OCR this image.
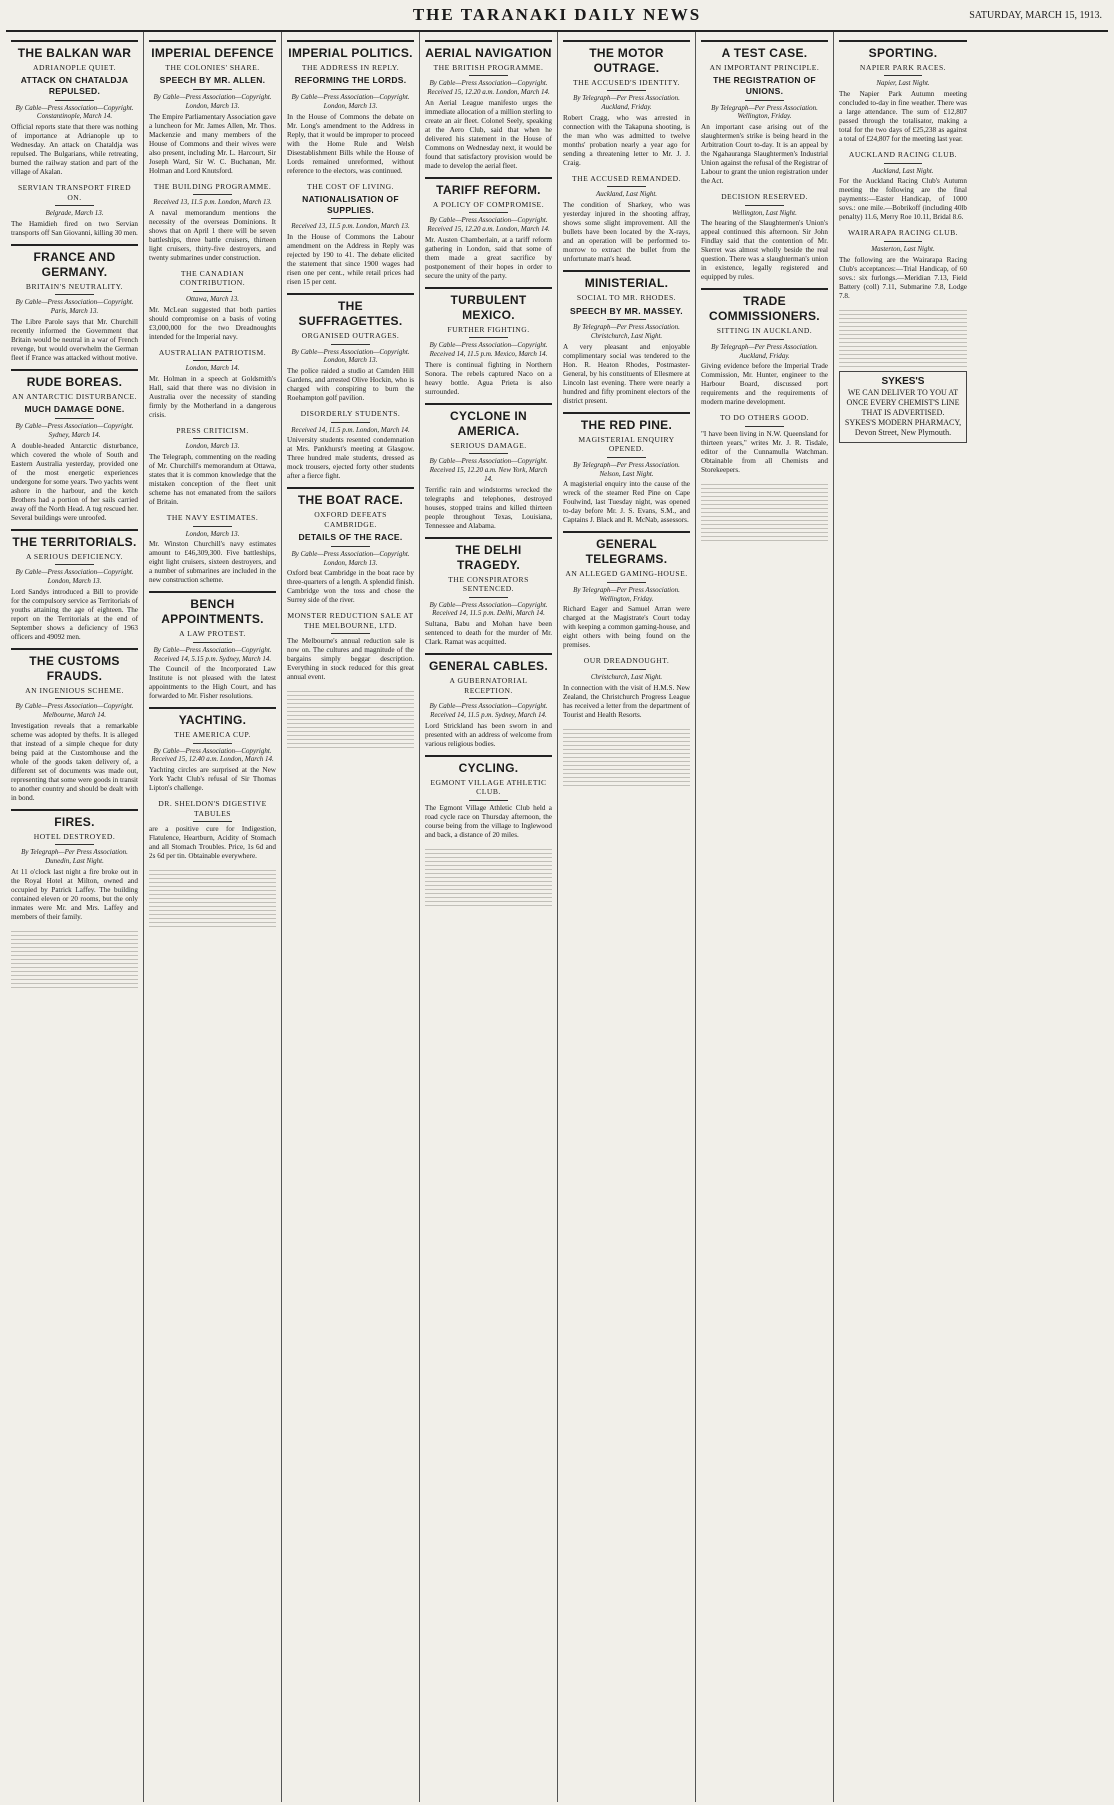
THE TARANAKI DAILY NEWS	SATURDAY, MARCH 15, 1913.
THE BALKAN WAR
ADRIANOPLE QUIET.
ATTACK ON CHATALDJA REPULSED.
By Cable—Press Association—Copyright. Constantinople, March 14.
Official reports state that there was nothing of importance at Adrianople up to Wednesday. An attack on Chataldja was repulsed. The Bulgarians, while retreating, burned the railway station and part of the village of Akalan.
SERVIAN TRANSPORT FIRED ON.
Belgrade, March 13.
The Hamidieh fired on two Servian transports off San Giovanni, killing 30 men.
FRANCE AND GERMANY.
BRITAIN'S NEUTRALITY.
By Cable—Press Association—Copyright. Paris, March 13.
The Libre Parole says that Mr. Churchill recently informed the Government that Britain would be neutral in a war of French revenge, but would overwhelm the German fleet if France was attacked without motive.
RUDE BOREAS.
AN ANTARCTIC DISTURBANCE.
MUCH DAMAGE DONE.
By Cable—Press Association—Copyright. Sydney, March 14.
A double-headed Antarctic disturbance, which covered the whole of South and Eastern Australia yesterday, provided one of the most energetic experiences undergone for some years. Two yachts went ashore in the harbour, and the ketch Brothers had a portion of her sails carried away off the North Head. A tug rescued her. Several buildings were unroofed.
THE TERRITORIALS.
A SERIOUS DEFICIENCY.
By Cable—Press Association—Copyright. London, March 13.
Lord Sandys introduced a Bill to provide for the compulsory service as Territorials of youths attaining the age of eighteen. The report on the Territorials at the end of September shows a deficiency of 1963 officers and 49092 men.
THE CUSTOMS FRAUDS.
AN INGENIOUS SCHEME.
By Cable—Press Association—Copyright. Melbourne, March 14.
Investigation reveals that a remarkable scheme was adopted by thefts. It is alleged that instead of a simple cheque for duty being paid at the Customhouse and the whole of the goods taken delivery of, a different set of documents was made out, representing that some were goods in transit to another country and should be dealt with in bond.
FIRES.
HOTEL DESTROYED.
By Telegraph—Per Press Association. Dunedin, Last Night.
At 11 o'clock last night a fire broke out in the Royal Hotel at Milton, owned and occupied by Patrick Laffey. The building contained eleven or 20 rooms, but the only inmates were Mr. and Mrs. Laffey and members of their family.
IMPERIAL DEFENCE
THE COLONIES' SHARE.
SPEECH BY MR. ALLEN.
By Cable—Press Association—Copyright. London, March 13.
The Empire Parliamentary Association gave a luncheon for Mr. James Allen, Mr. Thos. Mackenzie and many members of the House of Commons and their wives were also present, including Mr. L. Harcourt, Sir Joseph Ward, Sir W. C. Buchanan, Mr. Holman and Lord Knutsford.
THE BUILDING PROGRAMME.
Received 13, 11.5 p.m. London, March 13.
A naval memorandum mentions the necessity of the overseas Dominions. It shows that on April 1 there will be seven battleships, three battle cruisers, thirteen light cruisers, thirty-five destroyers, and twenty submarines under construction.
THE CANADIAN CONTRIBUTION.
Ottawa, March 13.
Mr. McLean suggested that both parties should compromise on a basis of voting £3,000,000 for the two Dreadnoughts intended for the Imperial navy.
AUSTRALIAN PATRIOTISM.
London, March 14.
Mr. Holman in a speech at Goldsmith's Hall, said that there was no division in Australia over the necessity of standing firmly by the Motherland in a dangerous crisis.
PRESS CRITICISM.
London, March 13.
The Telegraph, commenting on the reading of Mr. Churchill's memorandum at Ottawa, states that it is common knowledge that the mistaken conception of the fleet unit scheme has not emanated from the sailors of Britain.
THE NAVY ESTIMATES.
London, March 13.
Mr. Winston Churchill's navy estimates amount to £46,309,300. Five battleships, eight light cruisers, sixteen destroyers, and a number of submarines are included in the new construction scheme.
BENCH APPOINTMENTS.
A LAW PROTEST.
By Cable—Press Association—Copyright. Received 14, 5.15 p.m. Sydney, March 14.
The Council of the Incorporated Law Institute is not pleased with the latest appointments to the High Court, and has forwarded to Mr. Fisher resolutions.
YACHTING.
THE AMERICA CUP.
By Cable—Press Association—Copyright. Received 15, 12.40 a.m. London, March 14.
Yachting circles are surprised at the New York Yacht Club's refusal of Sir Thomas Lipton's challenge.
DR. SHELDON'S DIGESTIVE TABULES
are a positive cure for Indigestion, Flatulence, Heartburn, Acidity of Stomach and all Stomach Troubles. Price, 1s 6d and 2s 6d per tin. Obtainable everywhere.
IMPERIAL POLITICS.
THE ADDRESS IN REPLY.
REFORMING THE LORDS.
By Cable—Press Association—Copyright. London, March 13.
In the House of Commons the debate on Mr. Long's amendment to the Address in Reply, that it would be improper to proceed with the Home Rule and Welsh Disestablishment Bills while the House of Lords remained unreformed, without reference to the electors, was continued.
THE COST OF LIVING.
NATIONALISATION OF SUPPLIES.
Received 13, 11.5 p.m. London, March 13.
In the House of Commons the Labour amendment on the Address in Reply was rejected by 190 to 41. The debate elicited the statement that since 1900 wages had risen one per cent., while retail prices had risen 15 per cent.
THE SUFFRAGETTES.
ORGANISED OUTRAGES.
By Cable—Press Association—Copyright. London, March 13.
The police raided a studio at Camden Hill Gardens, and arrested Olive Hockin, who is charged with conspiring to burn the Roehampton golf pavilion.
DISORDERLY STUDENTS.
Received 14, 11.5 p.m. London, March 14.
University students resented condemnation at Mrs. Pankhurst's meeting at Glasgow. Three hundred male students, dressed as mock trousers, ejected forty other students after a fierce fight.
THE BOAT RACE.
OXFORD DEFEATS CAMBRIDGE.
DETAILS OF THE RACE.
By Cable—Press Association—Copyright. London, March 13.
Oxford beat Cambridge in the boat race by three-quarters of a length. A splendid finish. Cambridge won the toss and chose the Surrey side of the river.
MONSTER REDUCTION SALE AT THE MELBOURNE, LTD.
The Melbourne's annual reduction sale is now on. The cultures and magnitude of the bargains simply beggar description. Everything in stock reduced for this great annual event.
AERIAL NAVIGATION
THE BRITISH PROGRAMME.
By Cable—Press Association—Copyright. Received 15, 12.20 a.m. London, March 14.
An Aerial League manifesto urges the immediate allocation of a million sterling to create an air fleet. Colonel Seely, speaking at the Aero Club, said that when he delivered his statement in the House of Commons on Wednesday next, it would be found that satisfactory provision would be made to develop the aerial fleet.
TARIFF REFORM.
A POLICY OF COMPROMISE.
By Cable—Press Association—Copyright. Received 15, 12.20 a.m. London, March 14.
Mr. Austen Chamberlain, at a tariff reform gathering in London, said that some of them made a great sacrifice by postponement of their hopes in order to secure the unity of the party.
TURBULENT MEXICO.
FURTHER FIGHTING.
By Cable—Press Association—Copyright. Received 14, 11.5 p.m. Mexico, March 14.
There is continual fighting in Northern Sonora. The rebels captured Naco on a heavy bottle. Agua Prieta is also surrounded.
CYCLONE IN AMERICA.
SERIOUS DAMAGE.
By Cable—Press Association—Copyright. Received 15, 12.20 a.m. New York, March 14.
Terrific rain and windstorms wrecked the telegraphs and telephones, destroyed houses, stopped trains and killed thirteen people throughout Texas, Louisiana, Tennessee and Alabama.
THE DELHI TRAGEDY.
THE CONSPIRATORS SENTENCED.
By Cable—Press Association—Copyright. Received 14, 11.5 p.m. Delhi, March 14.
Sultana, Babu and Mohan have been sentenced to death for the murder of Mr. Clark. Ramat was acquitted.
GENERAL CABLES.
A GUBERNATORIAL RECEPTION.
By Cable—Press Association—Copyright. Received 14, 11.5 p.m. Sydney, March 14.
Lord Strickland has been sworn in and presented with an address of welcome from various religious bodies.
CYCLING.
EGMONT VILLAGE ATHLETIC CLUB.
The Egmont Village Athletic Club held a road cycle race on Thursday afternoon, the course being from the village to Inglewood and back, a distance of 20 miles.
THE MOTOR OUTRAGE.
THE ACCUSED'S IDENTITY.
By Telegraph—Per Press Association. Auckland, Friday.
Robert Cragg, who was arrested in connection with the Takapuna shooting, is the man who was admitted to twelve months' probation nearly a year ago for sending a threatening letter to Mr. J. J. Craig.
THE ACCUSED REMANDED.
Auckland, Last Night.
The condition of Sharkey, who was yesterday injured in the shooting affray, shows some slight improvement. All the bullets have been located by the X-rays, and an operation will be performed to-morrow to extract the bullet from the unfortunate man's head.
MINISTERIAL.
SOCIAL TO MR. RHODES.
SPEECH BY MR. MASSEY.
By Telegraph—Per Press Association. Christchurch, Last Night.
A very pleasant and enjoyable complimentary social was tendered to the Hon. R. Heaton Rhodes, Postmaster-General, by his constituents of Ellesmere at Lincoln last evening. There were nearly a hundred and fifty prominent electors of the district present.
THE RED PINE.
MAGISTERIAL ENQUIRY OPENED.
By Telegraph—Per Press Association. Nelson, Last Night.
A magisterial enquiry into the cause of the wreck of the steamer Red Pine on Cape Foulwind, last Tuesday night, was opened to-day before Mr. J. S. Evans, S.M., and Captains J. Black and R. McNab, assessors.
GENERAL TELEGRAMS.
AN ALLEGED GAMING-HOUSE.
By Telegraph—Per Press Association. Wellington, Friday.
Richard Eager and Samuel Arran were charged at the Magistrate's Court today with keeping a common gaming-house, and eight others with being found on the premises.
OUR DREADNOUGHT.
Christchurch, Last Night.
In connection with the visit of H.M.S. New Zealand, the Christchurch Progress League has received a letter from the department of Tourist and Health Resorts.
A TEST CASE.
AN IMPORTANT PRINCIPLE.
THE REGISTRATION OF UNIONS.
By Telegraph—Per Press Association. Wellington, Friday.
An important case arising out of the slaughtermen's strike is being heard in the Arbitration Court to-day. It is an appeal by the Ngahauranga Slaughtermen's Industrial Union against the refusal of the Registrar of Labour to grant the union registration under the Act.
DECISION RESERVED.
Wellington, Last Night.
The hearing of the Slaughtermen's Union's appeal continued this afternoon. Sir John Findlay said that the contention of Mr. Skerret was almost wholly beside the real question. There was a slaughterman's union in existence, legally registered and equipped by rules.
TRADE COMMISSIONERS.
SITTING IN AUCKLAND.
By Telegraph—Per Press Association. Auckland, Friday.
Giving evidence before the Imperial Trade Commission, Mr. Hunter, engineer to the Harbour Board, discussed port requirements and the requirements of modern marine development.
TO DO OTHERS GOOD.
"I have been living in N.W. Queensland for thirteen years," writes Mr. J. R. Tisdale, editor of the Cunnamulla Watchman. Obtainable from all Chemists and Storekeepers.
SPORTING.
NAPIER PARK RACES.
Napier, Last Night.
The Napier Park Autumn meeting concluded to-day in fine weather. There was a large attendance. The sum of £12,807 passed through the totalisator, making a total for the two days of £25,238 as against a total of £24,807 for the meeting last year.
AUCKLAND RACING CLUB.
Auckland, Last Night.
For the Auckland Racing Club's Autumn meeting the following are the final payments:—Easter Handicap, of 1000 sovs.: one mile.—Bobrikoff (including 40lb penalty) 11.6, Merry Roe 10.11, Bridal 8.6.
WAIRARAPA RACING CLUB.
Masterton, Last Night.
The following are the Wairarapa Racing Club's acceptances:—Trial Handicap, of 60 sovs.: six furlongs.—Meridian 7.13, Field Battery (coll) 7.11, Submarine 7.8, Lodge 7.8.
SYKES'S
WE CAN DELIVER TO YOU AT ONCE EVERY CHEMIST'S LINE THAT IS ADVERTISED.
SYKES'S MODERN PHARMACY, Devon Street, New Plymouth.
